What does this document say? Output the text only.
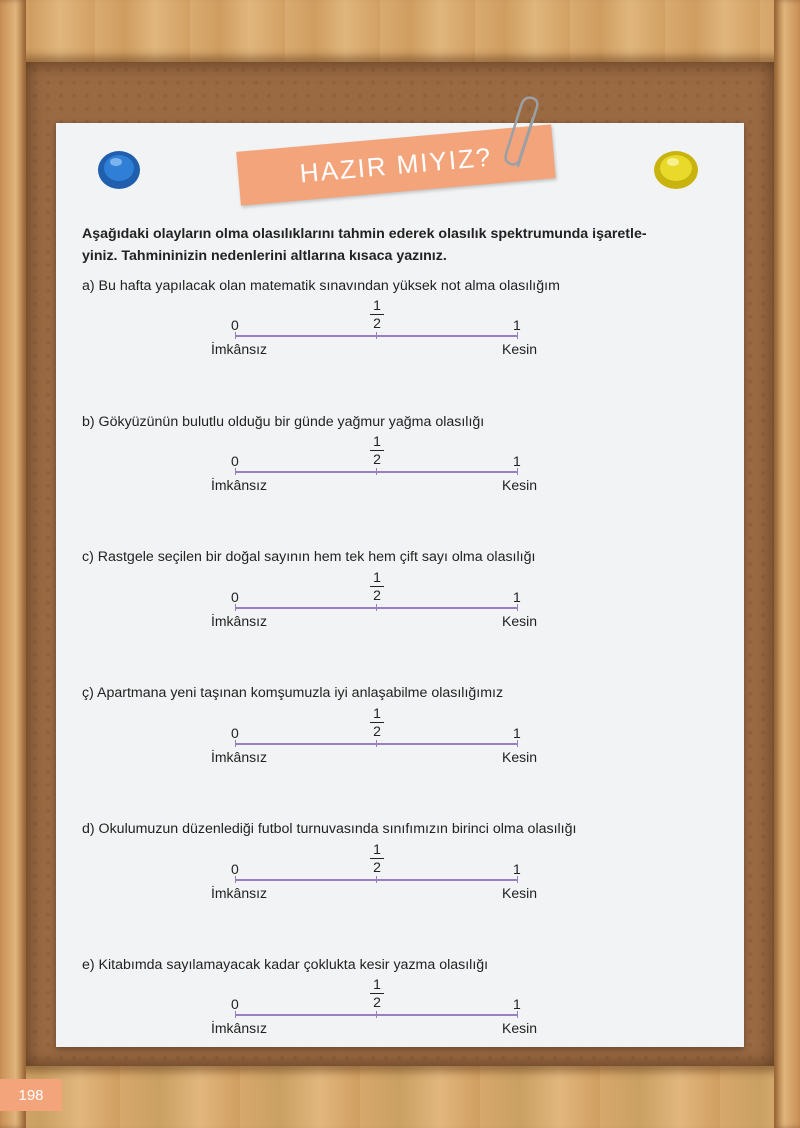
HAZIR MIYIZ?
Aşağıdaki olayların olma olasılıklarını tahmin ederek olasılık spektrumunda işaretle-
yiniz. Tahmininizin nedenlerini altlarına kısaca yazınız.
a) Bu hafta yapılacak olan matematik sınavından yüksek not alma olasılığım
0
1
2	1
İmkânsız	Kesin
b) Gökyüzünün bulutlu olduğu bir günde yağmur yağma olasılığı
0
1
2	1
İmkânsız	Kesin
c) Rastgele seçilen bir doğal sayının hem tek hem çift sayı olma olasılığı
0
1
2	1
İmkânsız	Kesin
ç) Apartmana yeni taşınan komşumuzla iyi anlaşabilme olasılığımız
0
1
2	1
İmkânsız	Kesin
d) Okulumuzun düzenlediği futbol turnuvasında sınıfımızın birinci olma olasılığı
0
1
2	1
İmkânsız	Kesin
e) Kitabımda sayılamayacak kadar çoklukta kesir yazma olasılığı
0
1
2	1
İmkânsız	Kesin
198
